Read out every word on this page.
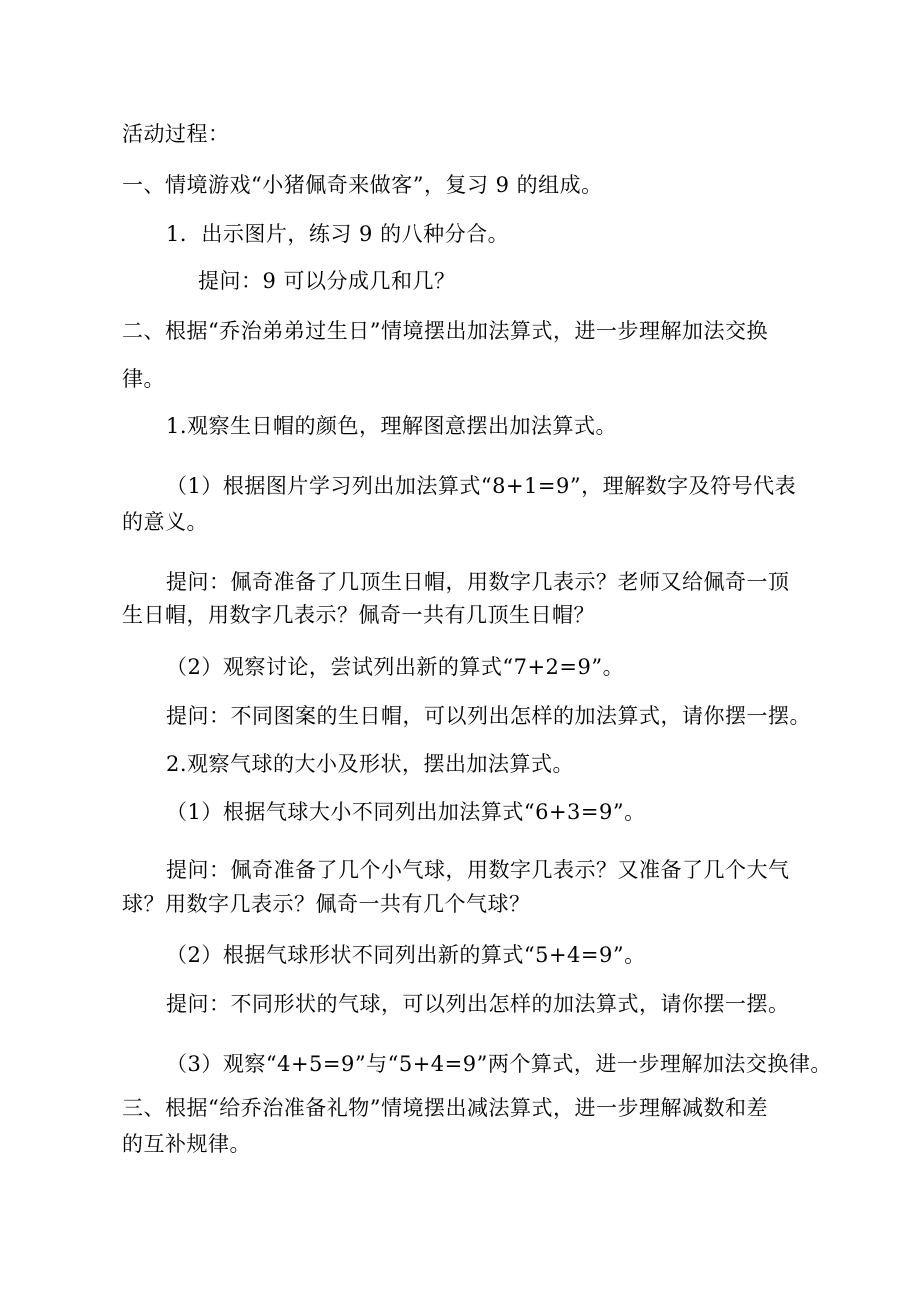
活动过程：
一、情境游戏“小猪佩奇来做客”，复习 9 的组成。
1．出示图片，练习 9 的八种分合。
提问：9 可以分成几和几？
二、根据“乔治弟弟过生日”情境摆出加法算式，进一步理解加法交换
律。
1.观察生日帽的颜色，理解图意摆出加法算式。
（1）根据图片学习列出加法算式“8+1=9”，理解数字及符号代表
的意义。
提问：佩奇准备了几顶生日帽，用数字几表示？老师又给佩奇一顶
生日帽，用数字几表示？佩奇一共有几顶生日帽？
（2）观察讨论，尝试列出新的算式“7+2=9”。
提问：不同图案的生日帽，可以列出怎样的加法算式，请你摆一摆。
2.观察气球的大小及形状，摆出加法算式。
（1）根据气球大小不同列出加法算式“6+3=9”。
提问：佩奇准备了几个小气球，用数字几表示？又准备了几个大气
球？用数字几表示？佩奇一共有几个气球？
（2）根据气球形状不同列出新的算式“5+4=9”。
提问：不同形状的气球，可以列出怎样的加法算式，请你摆一摆。
（3）观察“4+5=9”与“5+4=9”两个算式，进一步理解加法交换律。
三、根据“给乔治准备礼物”情境摆出减法算式，进一步理解减数和差
的互补规律。
